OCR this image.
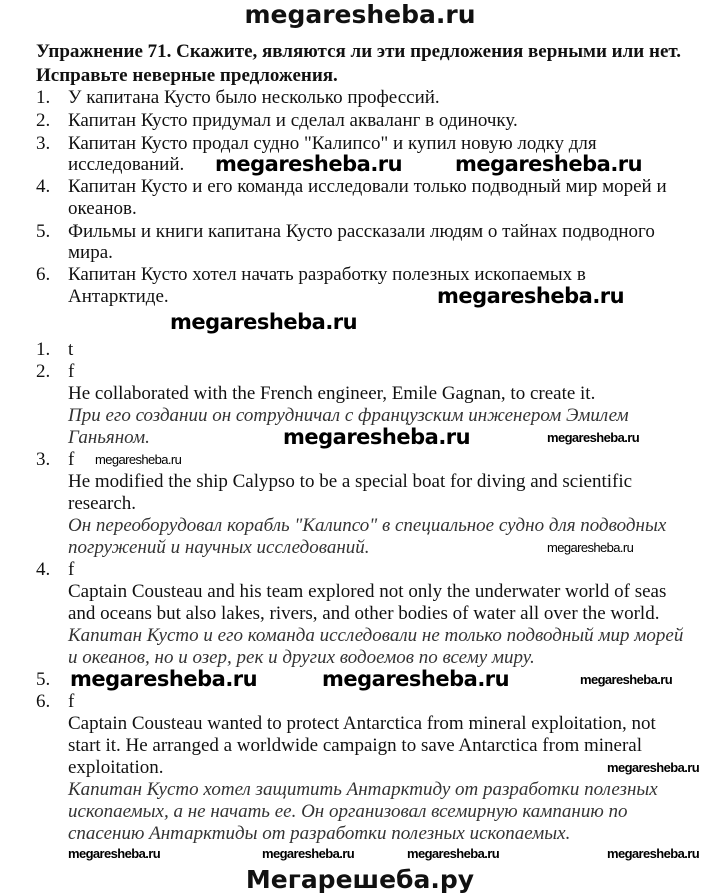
megaresheba.ru
Упражнение 71. Скажите, являются ли эти предложения верными или нет.
Исправьте неверные предложения.
1. У капитана Кусто было несколько профессий.
2. Капитан Кусто придумал и сделал акваланг в одиночку.
3. Капитан Кусто продал судно "Калипсо" и купил новую лодку для
исследований.
4. Капитан Кусто и его команда исследовали только подводный мир морей и
океанов.
5. Фильмы и книги капитана Кусто рассказали людям о тайнах подводного
мира.
6. Капитан Кусто хотел начать разработку полезных ископаемых в
Антарктиде.
1. t
2. f
He collaborated with the French engineer, Emile Gagnan, to create it.
При его создании он сотрудничал с французским инженером Эмилем
Ганьяном.
3. f
He modified the ship Calypso to be a special boat for diving and scientific
research.
Он переоборудовал корабль "Калипсо" в специальное судно для подводных
погружений и научных исследований.
4. f
Captain Cousteau and his team explored not only the underwater world of seas
and oceans but also lakes, rivers, and other bodies of water all over the world.
Капитан Кусто и его команда исследовали не только подводный мир морей
и океанов, но и озер, рек и других водоемов по всему миру.
5.
6. f
Captain Cousteau wanted to protect Antarctica from mineral exploitation, not
start it. He arranged a worldwide campaign to save Antarctica from mineral
exploitation.
Капитан Кусто хотел защитить Антарктиду от разработки полезных
ископаемых, а не начать ее. Он организовал всемирную кампанию по
спасению Антарктиды от разработки полезных ископаемых.
megaresheba.ru	megaresheba.ru
megaresheba.ru
megaresheba.ru
megaresheba.ru
megaresheba.ru	megaresheba.ru
megaresheba.ru
megaresheba.ru
megaresheba.ru
megaresheba.ru
megaresheba.ru
megaresheba.ru	megaresheba.ru	megaresheba.ru	megaresheba.ru
Мегарешеба.ру
